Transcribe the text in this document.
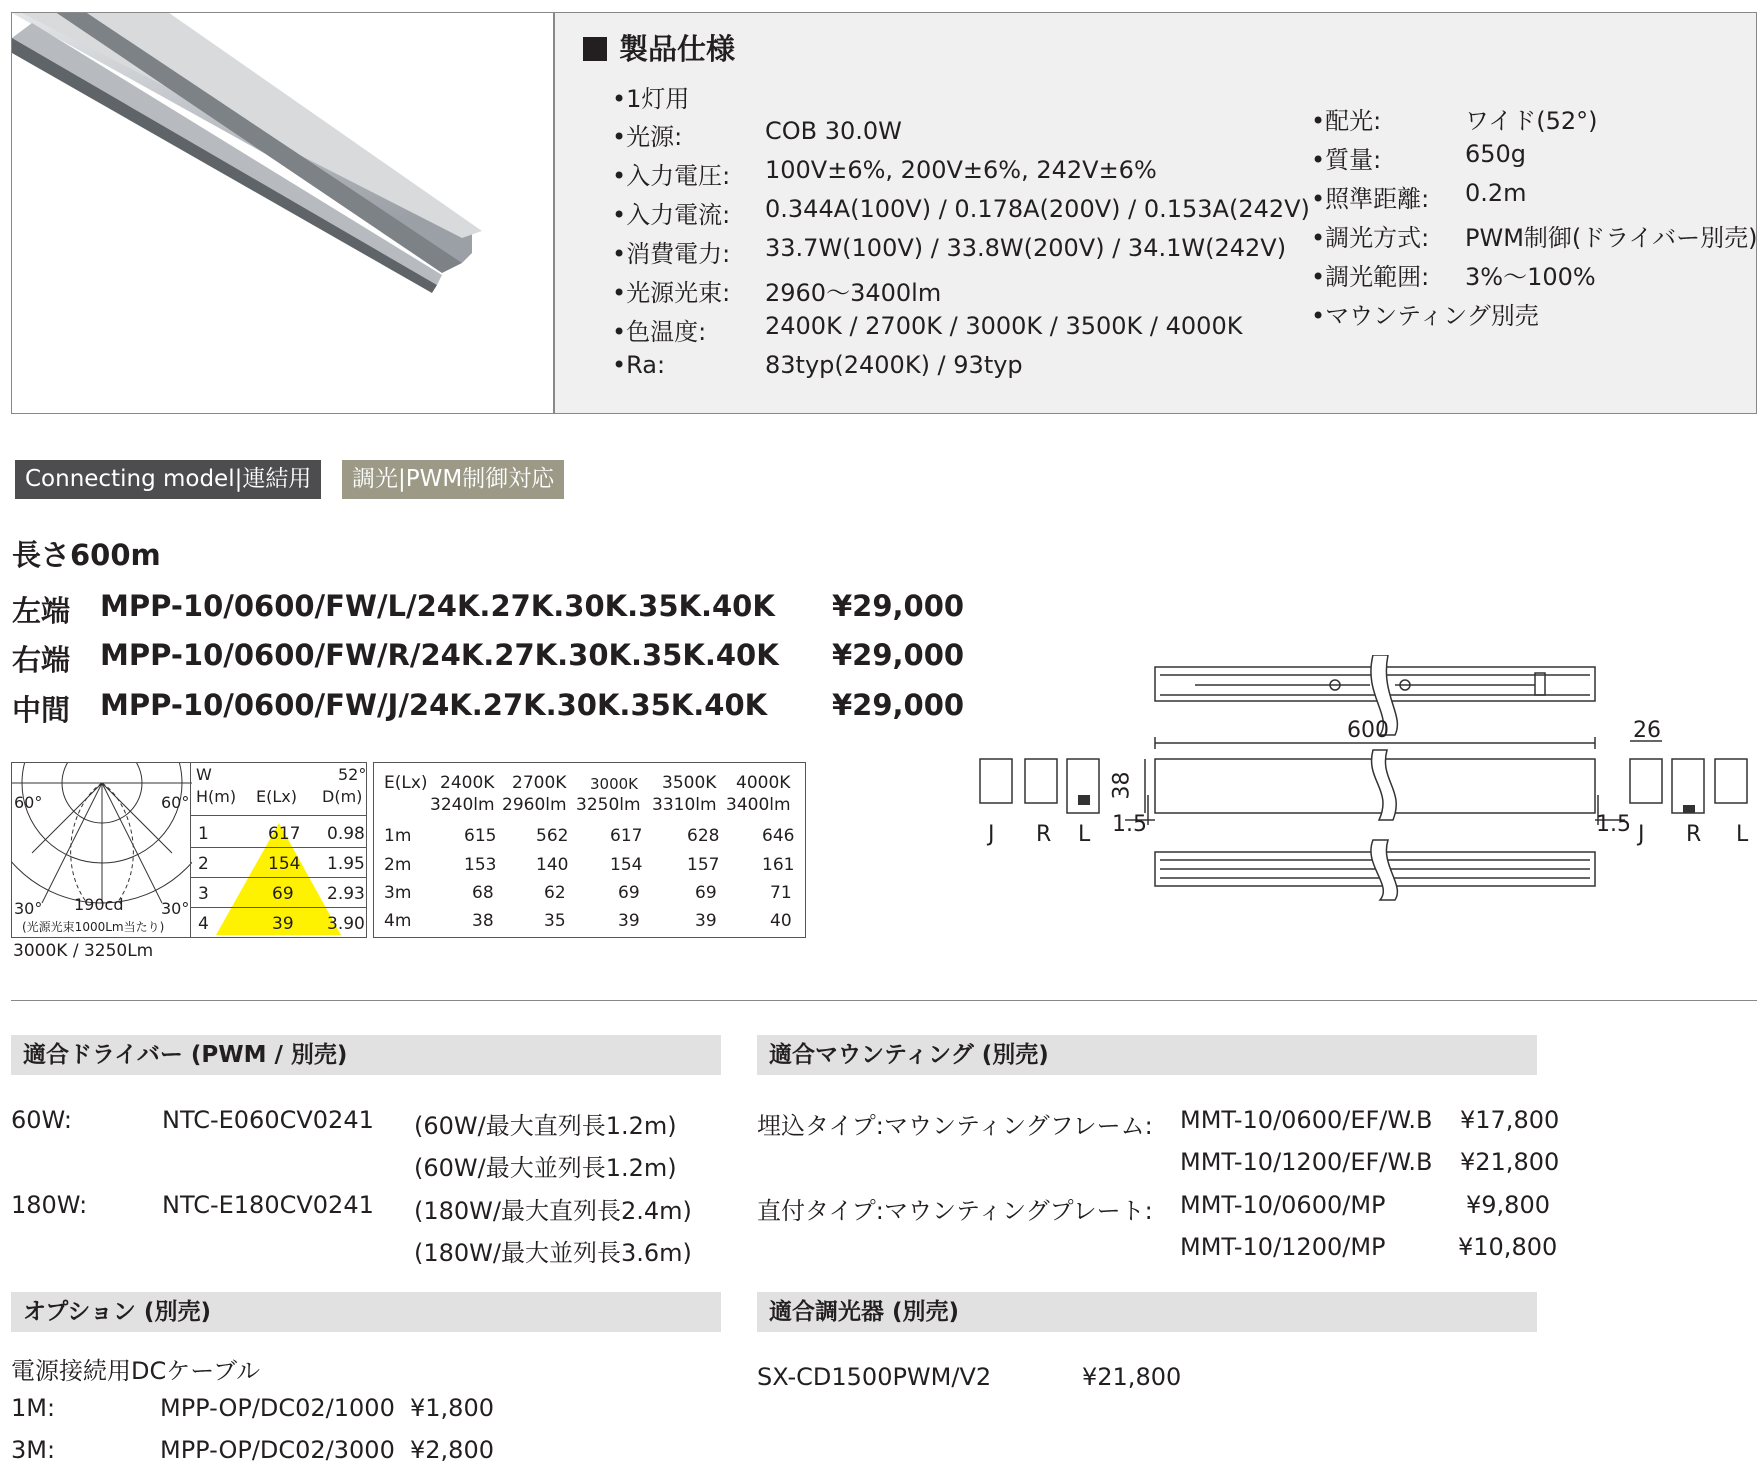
製品仕様
•1灯用
•光源:	COB 30.0W
•入力電圧: 100V±6%, 200V±6%, 242V±6%
•入力電流: 0.344A(100V) / 0.178A(200V) / 0.153A(242V)
•消費電力: 33.7W(100V) / 33.8W(200V) / 34.1W(242V)
•光源光束: 2960〜3400lm
•色温度: 2400K / 2700K / 3000K / 3500K / 4000K
•Ra:	83typ(2400K) / 93typ
•配光:	ワイド(52°)
•質量:	650g
•照準距離: 0.2m
•調光方式: PWM制御(ドライバー別売)
•調光範囲: 3%〜100%
•マウンティング別売
Connecting model|連結用	調光|PWM制御対応
長さ600m
左端 MPP-10/0600/FW/L/24K.27K.30K.35K.40K ¥29,000
右端 MPP-10/0600/FW/R/24K.27K.30K.35K.40K ¥29,000
中間 MPP-10/0600/FW/J/24K.27K.30K.35K.40K ¥29,000
60°	60°
30°	30°
190cd
(光源光束1000Lm当たり)
W	52°
H(m) E(Lx) D(m)
1	617 0.98
2	154 1.95
3	69 2.93
4	39 3.90
3000K / 3250Lm
E(Lx) 2400K 2700K 3000K 3500K 4000K
3240lm 2960lm 3250lm 3310lm 3400lm
1m	615 562 617	628	646
2m	153 140 154	157	161
3m	68	62	69	69	71
4m	38	35	39	39	40
600
38
26
1.5	1.5
J R L	J R L
適合ドライバー (PWM / 別売)
60W:	NTC-E060CV0241 (60W/最大直列長1.2m)
(60W/最大並列長1.2m)
180W:	NTC-E180CV0241 (180W/最大直列長2.4m)
(180W/最大並列長3.6m)
適合マウンティング (別売)
埋込タイプ: マウンティングフレーム: MMT-10/0600/EF/W.B ¥17,800
MMT-10/1200/EF/W.B ¥21,800
直付タイプ: マウンティングプレート: MMT-10/0600/MP	¥9,800
MMT-10/1200/MP	¥10,800
オプション (別売)
電源接続用DCケーブル
1M:	MPP-OP/DC02/1000 ¥1,800
3M:	MPP-OP/DC02/3000 ¥2,800
適合調光器 (別売)
SX-CD1500PWM/V2	¥21,800
